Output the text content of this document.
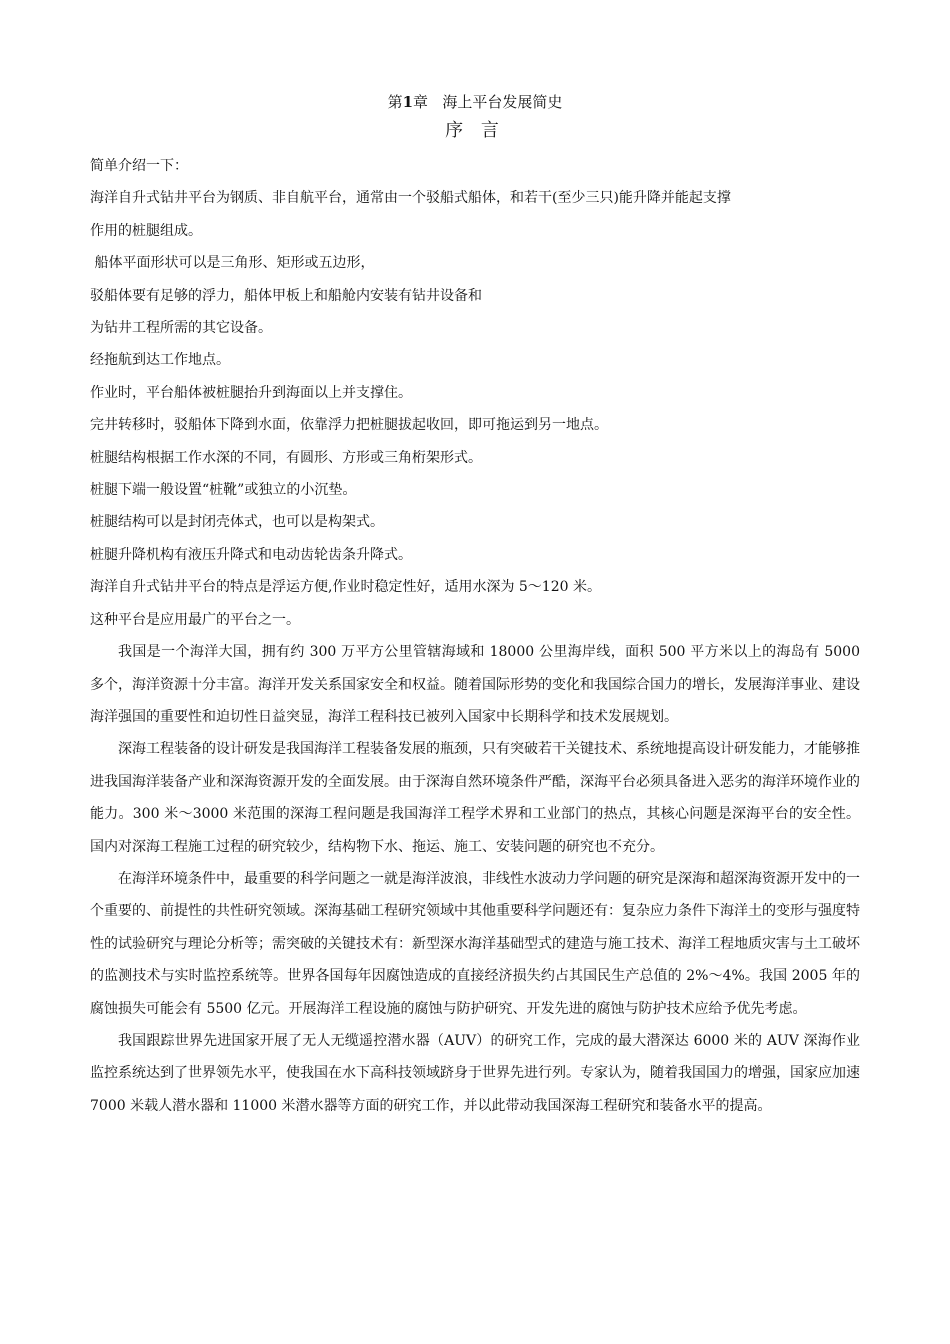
第1章 海上平台发展简史
序 言
简单介绍一下：
海洋自升式钻井平台为钢质、非自航平台，通常由一个驳船式船体，和若干(至少三只)能升降并能起支撑
作用的桩腿组成。
船体平面形状可以是三角形、矩形或五边形，
驳船体要有足够的浮力，船体甲板上和船舱内安装有钻井设备和
为钻井工程所需的其它设备。
经拖航到达工作地点。
作业时，平台船体被桩腿抬升到海面以上并支撑住。
完井转移时，驳船体下降到水面，依靠浮力把桩腿拔起收回，即可拖运到另一地点。
桩腿结构根据工作水深的不同，有圆形、方形或三角桁架形式。
桩腿下端一般设置“桩靴”或独立的小沉垫。
桩腿结构可以是封闭壳体式，也可以是构架式。
桩腿升降机构有液压升降式和电动齿轮齿条升降式。
海洋自升式钻井平台的特点是浮运方便,作业时稳定性好，适用水深为 5～120 米。
这种平台是应用最广的平台之一。

我国是一个海洋大国，拥有约 300 万平方公里管辖海域和 18000 公里海岸线，面积 500 平方米以上的海岛有 5000 多个，海洋资源十分丰富。海洋开发关系国家安全和权益。随着国际形势的变化和我国综合国力的增长，发展海洋事业、建设海洋强国的重要性和迫切性日益突显，海洋工程科技已被列入国家中长期科学和技术发展规划。

深海工程装备的设计研发是我国海洋工程装备发展的瓶颈，只有突破若干关键技术、系统地提高设计研发能力，才能够推进我国海洋装备产业和深海资源开发的全面发展。由于深海自然环境条件严酷，深海平台必须具备进入恶劣的海洋环境作业的能力。300 米～3000 米范围的深海工程问题是我国海洋工程学术界和工业部门的热点，其核心问题是深海平台的安全性。国内对深海工程施工过程的研究较少，结构物下水、拖运、施工、安装问题的研究也不充分。

在海洋环境条件中，最重要的科学问题之一就是海洋波浪，非线性水波动力学问题的研究是深海和超深海资源开发中的一个重要的、前提性的共性研究领域。深海基础工程研究领域中其他重要科学问题还有：复杂应力条件下海洋土的变形与强度特性的试验研究与理论分析等；需突破的关键技术有：新型深水海洋基础型式的建造与施工技术、海洋工程地质灾害与土工破坏的监测技术与实时监控系统等。世界各国每年因腐蚀造成的直接经济损失约占其国民生产总值的 2%～4%。我国 2005 年的腐蚀损失可能会有 5500 亿元。开展海洋工程设施的腐蚀与防护研究、开发先进的腐蚀与防护技术应给予优先考虑。

我国跟踪世界先进国家开展了无人无缆遥控潜水器（AUV）的研究工作，完成的最大潜深达 6000 米的 AUV 深海作业监控系统达到了世界领先水平，使我国在水下高科技领域跻身于世界先进行列。专家认为，随着我国国力的增强，国家应加速 7000 米载人潜水器和 11000 米潜水器等方面的研究工作，并以此带动我国深海工程研究和装备水平的提高。
